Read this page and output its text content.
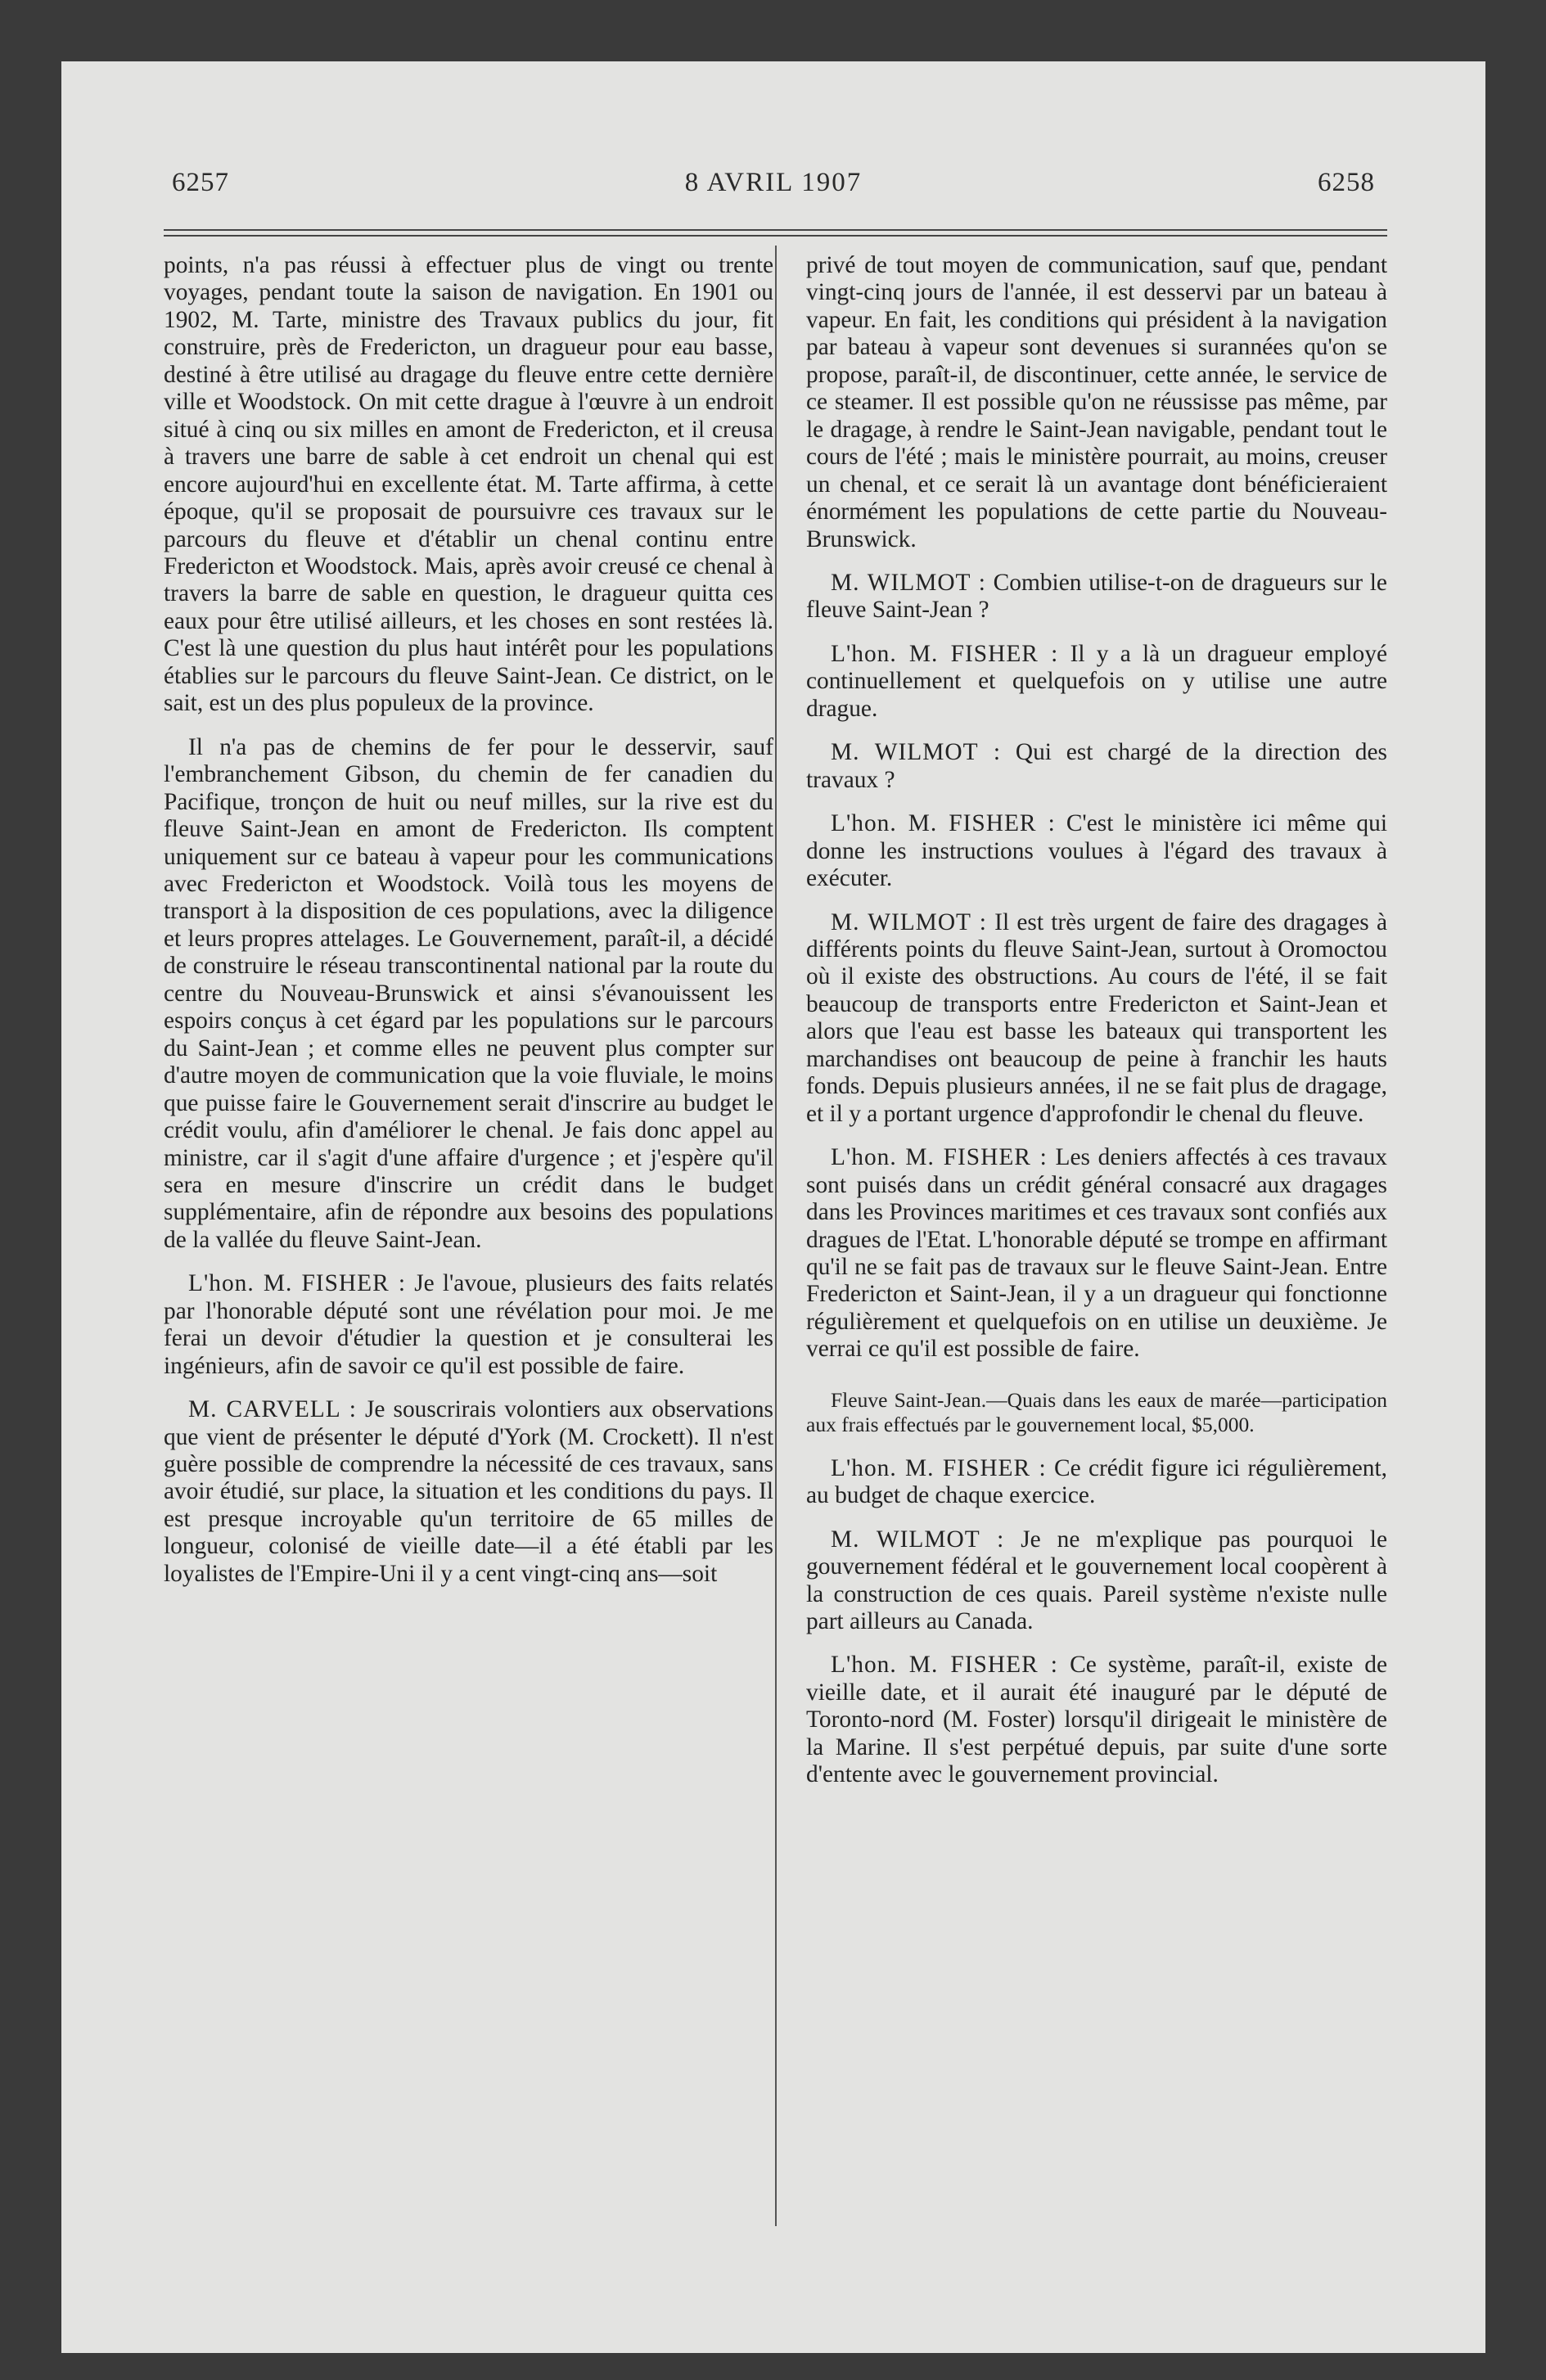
6257	8 AVRIL 1907	6258

points, n'a pas réussi à effectuer plus de vingt ou trente voyages, pendant toute la saison de navigation. En 1901 ou 1902, M. Tarte, ministre des Travaux publics du jour, fit construire, près de Fredericton, un dragueur pour eau basse, destiné à être utilisé au dragage du fleuve entre cette dernière ville et Woodstock. On mit cette drague à l'œuvre à un endroit situé à cinq ou six milles en amont de Fredericton, et il creusa à travers une barre de sable à cet endroit un chenal qui est encore aujourd'hui en excellente état. M. Tarte affirma, à cette époque, qu'il se proposait de poursuivre ces travaux sur le parcours du fleuve et d'établir un chenal continu entre Fredericton et Woodstock. Mais, après avoir creusé ce chenal à travers la barre de sable en question, le dragueur quitta ces eaux pour être utilisé ailleurs, et les choses en sont restées là. C'est là une question du plus haut intérêt pour les populations établies sur le parcours du fleuve Saint-Jean. Ce district, on le sait, est un des plus populeux de la province.

Il n'a pas de chemins de fer pour le desservir, sauf l'embranchement Gibson, du chemin de fer canadien du Pacifique, tronçon de huit ou neuf milles, sur la rive est du fleuve Saint-Jean en amont de Fredericton. Ils comptent uniquement sur ce bateau à vapeur pour les communications avec Fredericton et Woodstock. Voilà tous les moyens de transport à la disposition de ces populations, avec la diligence et leurs propres attelages. Le Gouvernement, paraît-il, a décidé de construire le réseau transcontinental national par la route du centre du Nouveau-Brunswick et ainsi s'évanouissent les espoirs conçus à cet égard par les populations sur le parcours du Saint-Jean ; et comme elles ne peuvent plus compter sur d'autre moyen de communication que la voie fluviale, le moins que puisse faire le Gouvernement serait d'inscrire au budget le crédit voulu, afin d'améliorer le chenal. Je fais donc appel au ministre, car il s'agit d'une affaire d'urgence ; et j'espère qu'il sera en mesure d'inscrire un crédit dans le budget supplémentaire, afin de répondre aux besoins des populations de la vallée du fleuve Saint-Jean.

L'hon. M. FISHER : Je l'avoue, plusieurs des faits relatés par l'honorable député sont une révélation pour moi. Je me ferai un devoir d'étudier la question et je consulterai les ingénieurs, afin de savoir ce qu'il est possible de faire.

M. CARVELL : Je souscrirais volontiers aux observations que vient de présenter le député d'York (M. Crockett). Il n'est guère possible de comprendre la nécessité de ces travaux, sans avoir étudié, sur place, la situation et les conditions du pays. Il est presque incroyable qu'un territoire de 65 milles de longueur, colonisé de vieille date—il a été établi par les loyalistes de l'Empire-Uni il y a cent vingt-cinq ans—soit

privé de tout moyen de communication, sauf que, pendant vingt-cinq jours de l'année, il est desservi par un bateau à vapeur. En fait, les conditions qui président à la navigation par bateau à vapeur sont devenues si surannées qu'on se propose, paraît-il, de discontinuer, cette année, le service de ce steamer. Il est possible qu'on ne réussisse pas même, par le dragage, à rendre le Saint-Jean navigable, pendant tout le cours de l'été ; mais le ministère pourrait, au moins, creuser un chenal, et ce serait là un avantage dont bénéficieraient énormément les populations de cette partie du Nouveau-Brunswick.

M. WILMOT : Combien utilise-t-on de dragueurs sur le fleuve Saint-Jean ?

L'hon. M. FISHER : Il y a là un dragueur employé continuellement et quelquefois on y utilise une autre drague.

M. WILMOT : Qui est chargé de la direction des travaux ?

L'hon. M. FISHER : C'est le ministère ici même qui donne les instructions voulues à l'égard des travaux à exécuter.

M. WILMOT : Il est très urgent de faire des dragages à différents points du fleuve Saint-Jean, surtout à Oromoctou où il existe des obstructions. Au cours de l'été, il se fait beaucoup de transports entre Fredericton et Saint-Jean et alors que l'eau est basse les bateaux qui transportent les marchandises ont beaucoup de peine à franchir les hauts fonds. Depuis plusieurs années, il ne se fait plus de dragage, et il y a portant urgence d'approfondir le chenal du fleuve.

L'hon. M. FISHER : Les deniers affectés à ces travaux sont puisés dans un crédit général consacré aux dragages dans les Provinces maritimes et ces travaux sont confiés aux dragues de l'Etat. L'honorable député se trompe en affirmant qu'il ne se fait pas de travaux sur le fleuve Saint-Jean. Entre Fredericton et Saint-Jean, il y a un dragueur qui fonctionne régulièrement et quelquefois on en utilise un deuxième. Je verrai ce qu'il est possible de faire.

Fleuve Saint-Jean.—Quais dans les eaux de marée—participation aux frais effectués par le gouvernement local, $5,000.

L'hon. M. FISHER : Ce crédit figure ici régulièrement, au budget de chaque exercice.

M. WILMOT : Je ne m'explique pas pourquoi le gouvernement fédéral et le gouvernement local coopèrent à la construction de ces quais. Pareil système n'existe nulle part ailleurs au Canada.

L'hon. M. FISHER : Ce système, paraît-il, existe de vieille date, et il aurait été inauguré par le député de Toronto-nord (M. Foster) lorsqu'il dirigeait le ministère de la Marine. Il s'est perpétué depuis, par suite d'une sorte d'entente avec le gouvernement provincial.
